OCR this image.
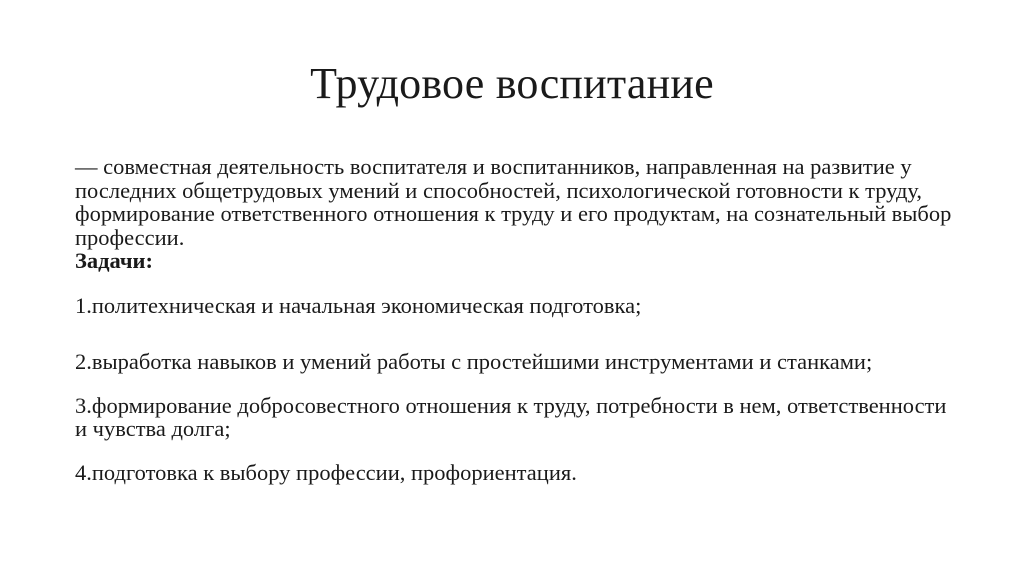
Трудовое воспитание

— совместная деятельность воспитателя и воспитанников, направленная на развитие у последних общетрудовых умений и способностей, психологической готовности к труду, формирование ответственного отношения к труду и его продуктам, на сознательный выбор профессии.

Задачи:

1.политехническая и начальная экономическая подготовка;

2.выработка навыков и умений работы с простейшими инструментами и станками;

3.формирование добросовестного отношения к труду, потребности в нем, ответственности и чувства долга;

4.подготовка к выбору профессии, профориентация.
